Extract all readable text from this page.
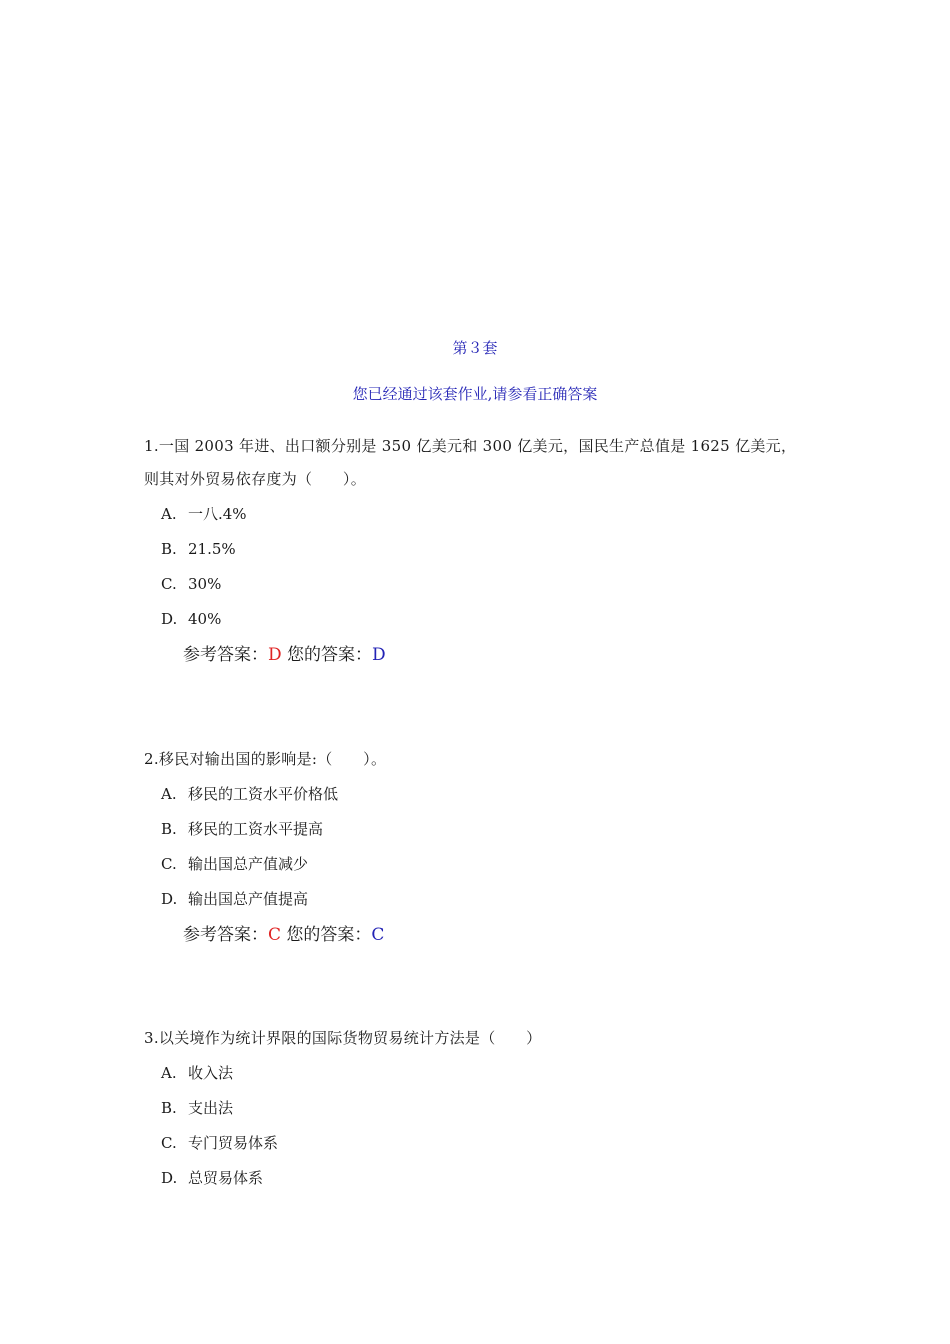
第３套
您已经通过该套作业,请参看正确答案

1.一国 2003 年进、出口额分别是 350 亿美元和 300 亿美元，国民生产总值是 1625 亿美元，则其对外贸易依存度为（　　）。

A. 一八.4%
B. 21.5%
C. 30%
D. 40%
参考答案：D 您的答案：D

2.移民对输出国的影响是:（　　）。

A. 移民的工资水平价格低
B. 移民的工资水平提高
C. 输出国总产值减少
D. 输出国总产值提高
参考答案：C 您的答案：C

3.以关境作为统计界限的国际货物贸易统计方法是（　　）

A. 收入法
B. 支出法
C. 专门贸易体系
D. 总贸易体系
